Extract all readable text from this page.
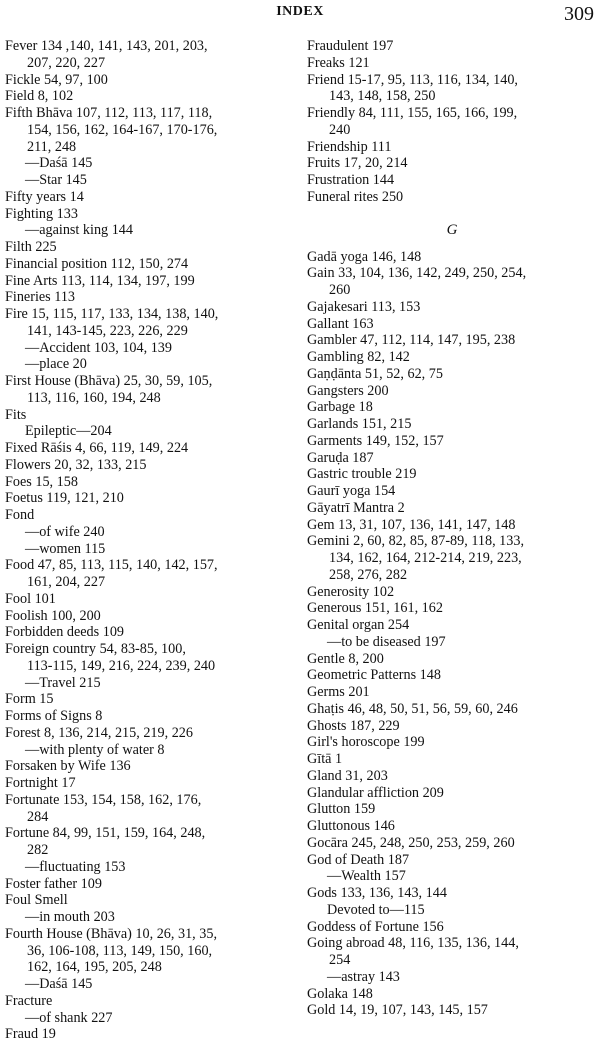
INDEX	309
Fever 134 ,140, 141, 143, 201, 203,
207, 220, 227
Fickle 54, 97, 100
Field 8, 102
Fifth Bhāva 107, 112, 113, 117, 118,
154, 156, 162, 164-167, 170-176,
211, 248
—Daśā 145
—Star 145
Fifty years 14
Fighting 133
—against king 144
Filth 225
Financial position 112, 150, 274
Fine Arts 113, 114, 134, 197, 199
Fineries 113
Fire 15, 115, 117, 133, 134, 138, 140,
141, 143-145, 223, 226, 229
—Accident 103, 104, 139
—place 20
First House (Bhāva) 25, 30, 59, 105,
113, 116, 160, 194, 248
Fits
Epileptic—204
Fixed Rāśis 4, 66, 119, 149, 224
Flowers 20, 32, 133, 215
Foes 15, 158
Foetus 119, 121, 210
Fond
—of wife 240
—women 115
Food 47, 85, 113, 115, 140, 142, 157,
161, 204, 227
Fool 101
Foolish 100, 200
Forbidden deeds 109
Foreign country 54, 83-85, 100,
113-115, 149, 216, 224, 239, 240
—Travel 215
Form 15
Forms of Signs 8
Forest 8, 136, 214, 215, 219, 226
—with plenty of water 8
Forsaken by Wife 136
Fortnight 17
Fortunate 153, 154, 158, 162, 176,
284
Fortune 84, 99, 151, 159, 164, 248,
282
—fluctuating 153
Foster father 109
Foul Smell
—in mouth 203
Fourth House (Bhāva) 10, 26, 31, 35,
36, 106-108, 113, 149, 150, 160,
162, 164, 195, 205, 248
—Daśā 145
Fracture
—of shank 227
Fraud 19
Fraudulent 197
Freaks 121
Friend 15-17, 95, 113, 116, 134, 140,
143, 148, 158, 250
Friendly 84, 111, 155, 165, 166, 199,
240
Friendship 111
Fruits 17, 20, 214
Frustration 144
Funeral rites 250
G
Gadā yoga 146, 148
Gain 33, 104, 136, 142, 249, 250, 254,
260
Gajakesari 113, 153
Gallant 163
Gambler 47, 112, 114, 147, 195, 238
Gambling 82, 142
Gaṇḍānta 51, 52, 62, 75
Gangsters 200
Garbage 18
Garlands 151, 215
Garments 149, 152, 157
Garuḍa 187
Gastric trouble 219
Gaurī yoga 154
Gāyatrī Mantra 2
Gem 13, 31, 107, 136, 141, 147, 148
Gemini 2, 60, 82, 85, 87-89, 118, 133,
134, 162, 164, 212-214, 219, 223,
258, 276, 282
Generosity 102
Generous 151, 161, 162
Genital organ 254
—to be diseased 197
Gentle 8, 200
Geometric Patterns 148
Germs 201
Ghaṭis 46, 48, 50, 51, 56, 59, 60, 246
Ghosts 187, 229
Girl's horoscope 199
Gītā 1
Gland 31, 203
Glandular affliction 209
Glutton 159
Gluttonous 146
Gocāra 245, 248, 250, 253, 259, 260
God of Death 187
—Wealth 157
Gods 133, 136, 143, 144
Devoted to—115
Goddess of Fortune 156
Going abroad 48, 116, 135, 136, 144,
254
—astray 143
Golaka 148
Gold 14, 19, 107, 143, 145, 157
